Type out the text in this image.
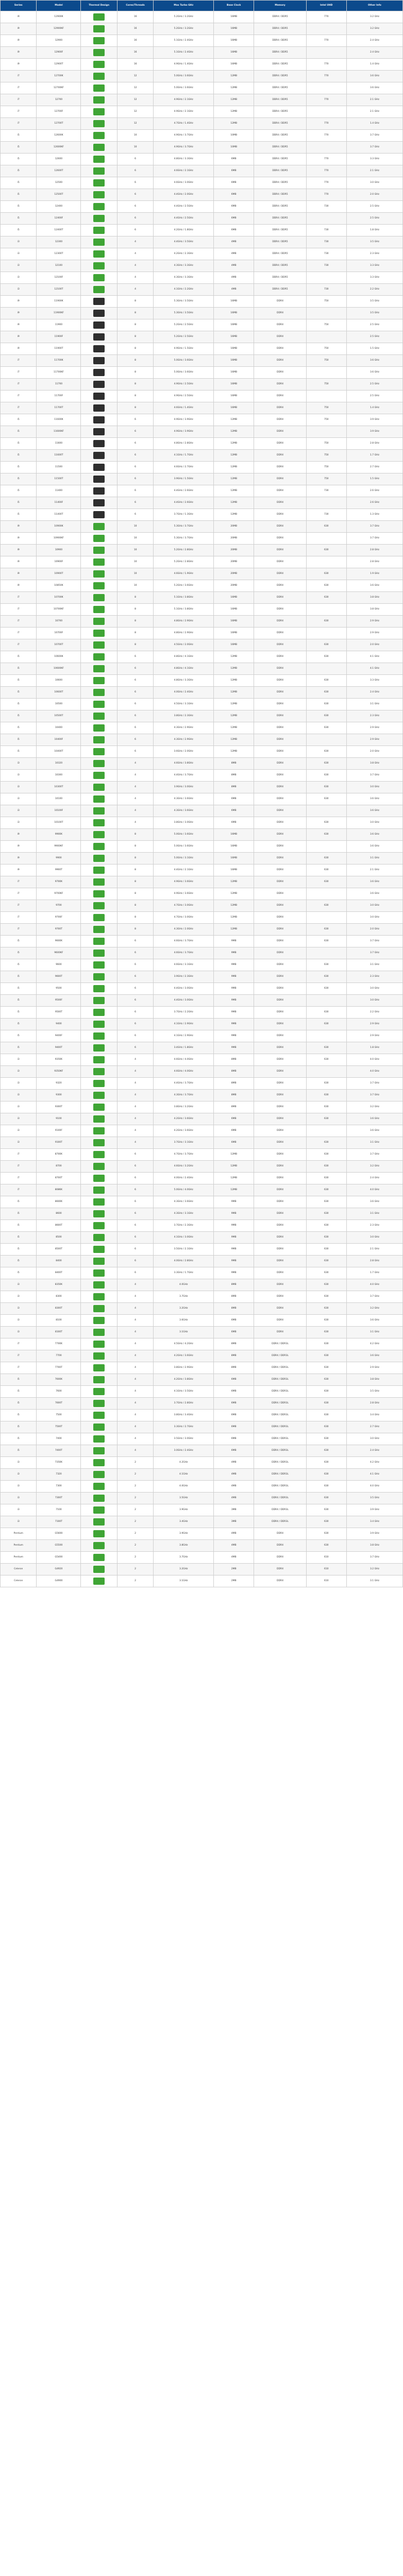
Series	Model	Thermal Design	Cores/Threads	Max Turbo GHz	Base Clock	Memory	Intel UHD	Other Info
i9	12900K		16	5.2GHz / 3.2GHz	16MB	DDR4 / DDR5	770	3.2 GHz
i9	12900KF		16	5.2GHz / 3.2GHz	16MB	DDR4 / DDR5		3.2 GHz
i9	12900		16	5.1GHz / 2.4GHz	16MB	DDR4 / DDR5	770	2.4 GHz
i9	12900F		16	5.1GHz / 2.4GHz	16MB	DDR4 / DDR5		2.4 GHz
i9	12900T		16	4.9GHz / 1.4GHz	16MB	DDR4 / DDR5	770	1.4 GHz
i7	12700K		12	5.0GHz / 3.6GHz	12MB	DDR4 / DDR5	770	3.6 GHz
i7	12700KF		12	5.0GHz / 3.6GHz	12MB	DDR4 / DDR5		3.6 GHz
i7	12700		12	4.9GHz / 2.1GHz	12MB	DDR4 / DDR5	770	2.1 GHz
i7	12700F		12	4.9GHz / 2.1GHz	12MB	DDR4 / DDR5		2.1 GHz
i7	12700T		12	4.7GHz / 1.4GHz	12MB	DDR4 / DDR5	770	1.4 GHz
i5	12600K		10	4.9GHz / 3.7GHz	10MB	DDR4 / DDR5	770	3.7 GHz
i5	12600KF		10	4.9GHz / 3.7GHz	10MB	DDR4 / DDR5		3.7 GHz
i5	12600		6	4.8GHz / 3.3GHz	6MB	DDR4 / DDR5	770	3.3 GHz
i5	12600T		6	4.6GHz / 2.1GHz	6MB	DDR4 / DDR5	770	2.1 GHz
i5	12500		6	4.6GHz / 3.0GHz	6MB	DDR4 / DDR5	770	3.0 GHz
i5	12500T		6	4.4GHz / 2.0GHz	6MB	DDR4 / DDR5	770	2.0 GHz
i5	12400		6	4.4GHz / 2.5GHz	6MB	DDR4 / DDR5	730	2.5 GHz
i5	12400F		6	4.4GHz / 2.5GHz	6MB	DDR4 / DDR5		2.5 GHz
i5	12400T		6	4.2GHz / 1.8GHz	6MB	DDR4 / DDR5	730	1.8 GHz
i3	12300		4	4.4GHz / 3.5GHz	4MB	DDR4 / DDR5	730	3.5 GHz
i3	12300T		4	4.2GHz / 2.3GHz	4MB	DDR4 / DDR5	730	2.3 GHz
i3	12100		4	4.3GHz / 3.3GHz	4MB	DDR4 / DDR5	730	3.3 GHz
i3	12100F		4	4.3GHz / 3.3GHz	4MB	DDR4 / DDR5		3.3 GHz
i3	12100T		4	4.1GHz / 2.2GHz	4MB	DDR4 / DDR5	730	2.2 GHz
i9	11900K		8	5.3GHz / 3.5GHz	16MB	DDR4	750	3.5 GHz
i9	11900KF		8	5.3GHz / 3.5GHz	16MB	DDR4		3.5 GHz
i9	11900		8	5.2GHz / 2.5GHz	16MB	DDR4	750	2.5 GHz
i9	11900F		8	5.2GHz / 2.5GHz	16MB	DDR4		2.5 GHz
i9	11900T		8	4.9GHz / 1.5GHz	16MB	DDR4	750	1.5 GHz
i7	11700K		8	5.0GHz / 3.6GHz	16MB	DDR4	750	3.6 GHz
i7	11700KF		8	5.0GHz / 3.6GHz	16MB	DDR4		3.6 GHz
i7	11700		8	4.9GHz / 2.5GHz	16MB	DDR4	750	2.5 GHz
i7	11700F		8	4.9GHz / 2.5GHz	16MB	DDR4		2.5 GHz
i7	11700T		8	4.6GHz / 1.4GHz	16MB	DDR4	750	1.4 GHz
i5	11600K		6	4.9GHz / 3.9GHz	12MB	DDR4	750	3.9 GHz
i5	11600KF		6	4.9GHz / 3.9GHz	12MB	DDR4		3.9 GHz
i5	11600		6	4.8GHz / 2.8GHz	12MB	DDR4	750	2.8 GHz
i5	11600T		6	4.1GHz / 1.7GHz	12MB	DDR4	750	1.7 GHz
i5	11500		6	4.6GHz / 2.7GHz	12MB	DDR4	750	2.7 GHz
i5	11500T		6	3.9GHz / 1.5GHz	12MB	DDR4	750	1.5 GHz
i5	11400		6	4.4GHz / 2.6GHz	12MB	DDR4	730	2.6 GHz
i5	11400F		6	4.4GHz / 2.6GHz	12MB	DDR4		2.6 GHz
i5	11400T		6	3.7GHz / 1.3GHz	12MB	DDR4	730	1.3 GHz
i9	10900K		10	5.3GHz / 3.7GHz	20MB	DDR4	630	3.7 GHz
i9	10900KF		10	5.3GHz / 3.7GHz	20MB	DDR4		3.7 GHz
i9	10900		10	5.2GHz / 2.8GHz	20MB	DDR4	630	2.8 GHz
i9	10900F		10	5.2GHz / 2.8GHz	20MB	DDR4		2.8 GHz
i9	10900T		10	4.6GHz / 1.9GHz	20MB	DDR4	630	1.9 GHz
i9	10850K		10	5.2GHz / 3.6GHz	20MB	DDR4	630	3.6 GHz
i7	10700K		8	5.1GHz / 3.8GHz	16MB	DDR4	630	3.8 GHz
i7	10700KF		8	5.1GHz / 3.8GHz	16MB	DDR4		3.8 GHz
i7	10700		8	4.8GHz / 2.9GHz	16MB	DDR4	630	2.9 GHz
i7	10700F		8	4.8GHz / 2.9GHz	16MB	DDR4		2.9 GHz
i7	10700T		8	4.5GHz / 2.0GHz	16MB	DDR4	630	2.0 GHz
i5	10600K		6	4.8GHz / 4.1GHz	12MB	DDR4	630	4.1 GHz
i5	10600KF		6	4.8GHz / 4.1GHz	12MB	DDR4		4.1 GHz
i5	10600		6	4.8GHz / 3.3GHz	12MB	DDR4	630	3.3 GHz
i5	10600T		6	4.0GHz / 2.4GHz	12MB	DDR4	630	2.4 GHz
i5	10500		6	4.5GHz / 3.1GHz	12MB	DDR4	630	3.1 GHz
i5	10500T		6	3.8GHz / 2.3GHz	12MB	DDR4	630	2.3 GHz
i5	10400		6	4.3GHz / 2.9GHz	12MB	DDR4	630	2.9 GHz
i5	10400F		6	4.3GHz / 2.9GHz	12MB	DDR4		2.9 GHz
i5	10400T		6	3.6GHz / 2.0GHz	12MB	DDR4	630	2.0 GHz
i3	10320		4	4.6GHz / 3.8GHz	8MB	DDR4	630	3.8 GHz
i3	10300		4	4.4GHz / 3.7GHz	8MB	DDR4	630	3.7 GHz
i3	10300T		4	3.9GHz / 3.0GHz	8MB	DDR4	630	3.0 GHz
i3	10100		4	4.3GHz / 3.6GHz	6MB	DDR4	630	3.6 GHz
i3	10100F		4	4.3GHz / 3.6GHz	6MB	DDR4		3.6 GHz
i3	10100T		4	3.8GHz / 3.0GHz	6MB	DDR4	630	3.0 GHz
i9	9900K		8	5.0GHz / 3.6GHz	16MB	DDR4	630	3.6 GHz
i9	9900KF		8	5.0GHz / 3.6GHz	16MB	DDR4		3.6 GHz
i9	9900		8	5.0GHz / 3.1GHz	16MB	DDR4	630	3.1 GHz
i9	9900T		8	4.4GHz / 2.1GHz	16MB	DDR4	630	2.1 GHz
i7	9700K		8	4.9GHz / 3.6GHz	12MB	DDR4	630	3.6 GHz
i7	9700KF		8	4.9GHz / 3.6GHz	12MB	DDR4		3.6 GHz
i7	9700		8	4.7GHz / 3.0GHz	12MB	DDR4	630	3.0 GHz
i7	9700F		8	4.7GHz / 3.0GHz	12MB	DDR4		3.0 GHz
i7	9700T		8	4.3GHz / 2.0GHz	12MB	DDR4	630	2.0 GHz
i5	9600K		6	4.6GHz / 3.7GHz	9MB	DDR4	630	3.7 GHz
i5	9600KF		6	4.6GHz / 3.7GHz	9MB	DDR4		3.7 GHz
i5	9600		6	4.6GHz / 3.1GHz	9MB	DDR4	630	3.1 GHz
i5	9600T		6	3.9GHz / 2.3GHz	9MB	DDR4	630	2.3 GHz
i5	9500		6	4.4GHz / 3.0GHz	9MB	DDR4	630	3.0 GHz
i5	9500F		6	4.4GHz / 3.0GHz	9MB	DDR4		3.0 GHz
i5	9500T		6	3.7GHz / 2.2GHz	9MB	DDR4	630	2.2 GHz
i5	9400		6	4.1GHz / 2.9GHz	9MB	DDR4	630	2.9 GHz
i5	9400F		6	4.1GHz / 2.9GHz	9MB	DDR4		2.9 GHz
i5	9400T		6	3.4GHz / 1.8GHz	9MB	DDR4	630	1.8 GHz
i3	9350K		4	4.6GHz / 4.0GHz	8MB	DDR4	630	4.0 GHz
i3	9350KF		4	4.6GHz / 4.0GHz	8MB	DDR4		4.0 GHz
i3	9320		4	4.4GHz / 3.7GHz	8MB	DDR4	630	3.7 GHz
i3	9300		4	4.3GHz / 3.7GHz	8MB	DDR4	630	3.7 GHz
i3	9300T		4	3.8GHz / 3.2GHz	8MB	DDR4	630	3.2 GHz
i3	9100		4	4.2GHz / 3.6GHz	6MB	DDR4	630	3.6 GHz
i3	9100F		4	4.2GHz / 3.6GHz	6MB	DDR4		3.6 GHz
i3	9100T		4	3.7GHz / 3.1GHz	6MB	DDR4	630	3.1 GHz
i7	8700K		6	4.7GHz / 3.7GHz	12MB	DDR4	630	3.7 GHz
i7	8700		6	4.6GHz / 3.2GHz	12MB	DDR4	630	3.2 GHz
i7	8700T		6	4.0GHz / 2.4GHz	12MB	DDR4	630	2.4 GHz
i7	8086K		6	5.0GHz / 4.0GHz	12MB	DDR4	630	4.0 GHz
i5	8600K		6	4.3GHz / 3.6GHz	9MB	DDR4	630	3.6 GHz
i5	8600		6	4.3GHz / 3.1GHz	9MB	DDR4	630	3.1 GHz
i5	8600T		6	3.7GHz / 2.3GHz	9MB	DDR4	630	2.3 GHz
i5	8500		6	4.1GHz / 3.0GHz	9MB	DDR4	630	3.0 GHz
i5	8500T		6	3.5GHz / 2.1GHz	9MB	DDR4	630	2.1 GHz
i5	8400		6	4.0GHz / 2.8GHz	9MB	DDR4	630	2.8 GHz
i5	8400T		6	3.3GHz / 1.7GHz	9MB	DDR4	630	1.7 GHz
i3	8350K		4	4.0GHz	8MB	DDR4	630	4.0 GHz
i3	8300		4	3.7GHz	8MB	DDR4	630	3.7 GHz
i3	8300T		4	3.2GHz	8MB	DDR4	630	3.2 GHz
i3	8100		4	3.6GHz	6MB	DDR4	630	3.6 GHz
i3	8100T		4	3.1GHz	6MB	DDR4	630	3.1 GHz
i7	7700K		4	4.5GHz / 4.2GHz	8MB	DDR4 / DDR3L	630	4.2 GHz
i7	7700		4	4.2GHz / 3.6GHz	8MB	DDR4 / DDR3L	630	3.6 GHz
i7	7700T		4	3.8GHz / 2.9GHz	8MB	DDR4 / DDR3L	630	2.9 GHz
i5	7600K		4	4.2GHz / 3.8GHz	6MB	DDR4 / DDR3L	630	3.8 GHz
i5	7600		4	4.1GHz / 3.5GHz	6MB	DDR4 / DDR3L	630	3.5 GHz
i5	7600T		4	3.7GHz / 2.8GHz	6MB	DDR4 / DDR3L	630	2.8 GHz
i5	7500		4	3.8GHz / 3.4GHz	6MB	DDR4 / DDR3L	630	3.4 GHz
i5	7500T		4	3.3GHz / 2.7GHz	6MB	DDR4 / DDR3L	630	2.7 GHz
i5	7400		4	3.5GHz / 3.0GHz	6MB	DDR4 / DDR3L	630	3.0 GHz
i5	7400T		4	3.0GHz / 2.4GHz	6MB	DDR4 / DDR3L	630	2.4 GHz
i3	7350K		2	4.2GHz	4MB	DDR4 / DDR3L	630	4.2 GHz
i3	7320		2	4.1GHz	4MB	DDR4 / DDR3L	630	4.1 GHz
i3	7300		2	4.0GHz	4MB	DDR4 / DDR3L	630	4.0 GHz
i3	7300T		2	3.5GHz	4MB	DDR4 / DDR3L	630	3.5 GHz
i3	7100		2	3.9GHz	3MB	DDR4 / DDR3L	630	3.9 GHz
i3	7100T		2	3.4GHz	3MB	DDR4 / DDR3L	630	3.4 GHz
Pentium	G5600		2	3.9GHz	4MB	DDR4	630	3.9 GHz
Pentium	G5500		2	3.8GHz	4MB	DDR4	630	3.8 GHz
Pentium	G5400		2	3.7GHz	4MB	DDR4	610	3.7 GHz
Celeron	G4920		2	3.2GHz	2MB	DDR4	610	3.2 GHz
Celeron	G4900		2	3.1GHz	2MB	DDR4	610	3.1 GHz
